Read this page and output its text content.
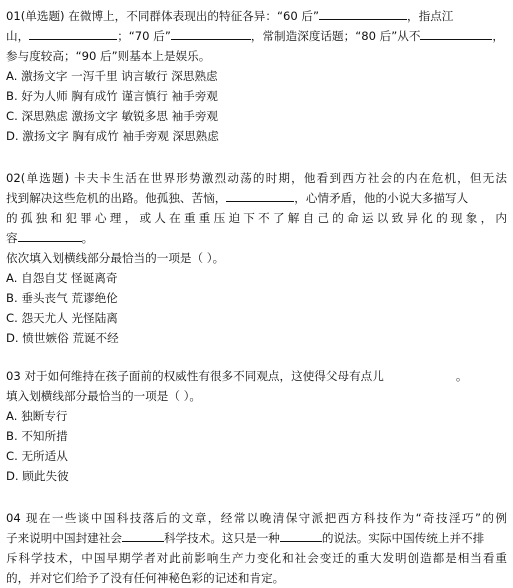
01(单选题) 在微博上，不同群体表现出的特征各异：“60 后”	，指点江

山，	；“70 后”	，常制造深度话题；“80 后”从不	，

参与度较高；“90 后”则基本上是娱乐。

A. 激扬文字 一泻千里 讷言敏行 深思熟虑

B. 好为人师 胸有成竹 谨言慎行 袖手旁观

C. 深思熟虑 激扬文字 敏锐多思 袖手旁观

D. 激扬文字 胸有成竹 袖手旁观 深思熟虑

02(单选题) 卡夫卡生活在世界形势激烈动荡的时期，他看到西方社会的内在危机，但无法

找到解决这些危机的出路。他孤独、苦恼，	，心情矛盾，他的小说大多描写人

的孤独和犯罪心理，或人在重重压迫下不了解自己的命运以致异化的现象，内

容	。

依次填入划横线部分最恰当的一项是（ ）。

A. 自怨自艾 怪诞离奇

B. 垂头丧气 荒谬绝伦

C. 怨天尤人 光怪陆离

D. 愤世嫉俗 荒诞不经

03 对于如何维持在孩子面前的权威性有很多不同观点，这使得父母有点儿	。

填入划横线部分最恰当的一项是（ ）。

A. 独断专行

B. 不知所措

C. 无所适从

D. 顾此失彼

04 现在一些谈中国科技落后的文章，经常以晚清保守派把西方科技作为“奇技淫巧”的例

子来说明中国封建社会	科学技术。这只是一种	的说法。实际中国传统上并不排

斥科学技术，中国早期学者对此前影响生产力变化和社会变迁的重大发明创造都是相当看重

的，并对它们给予了没有任何神秘色彩的记述和肯定。
